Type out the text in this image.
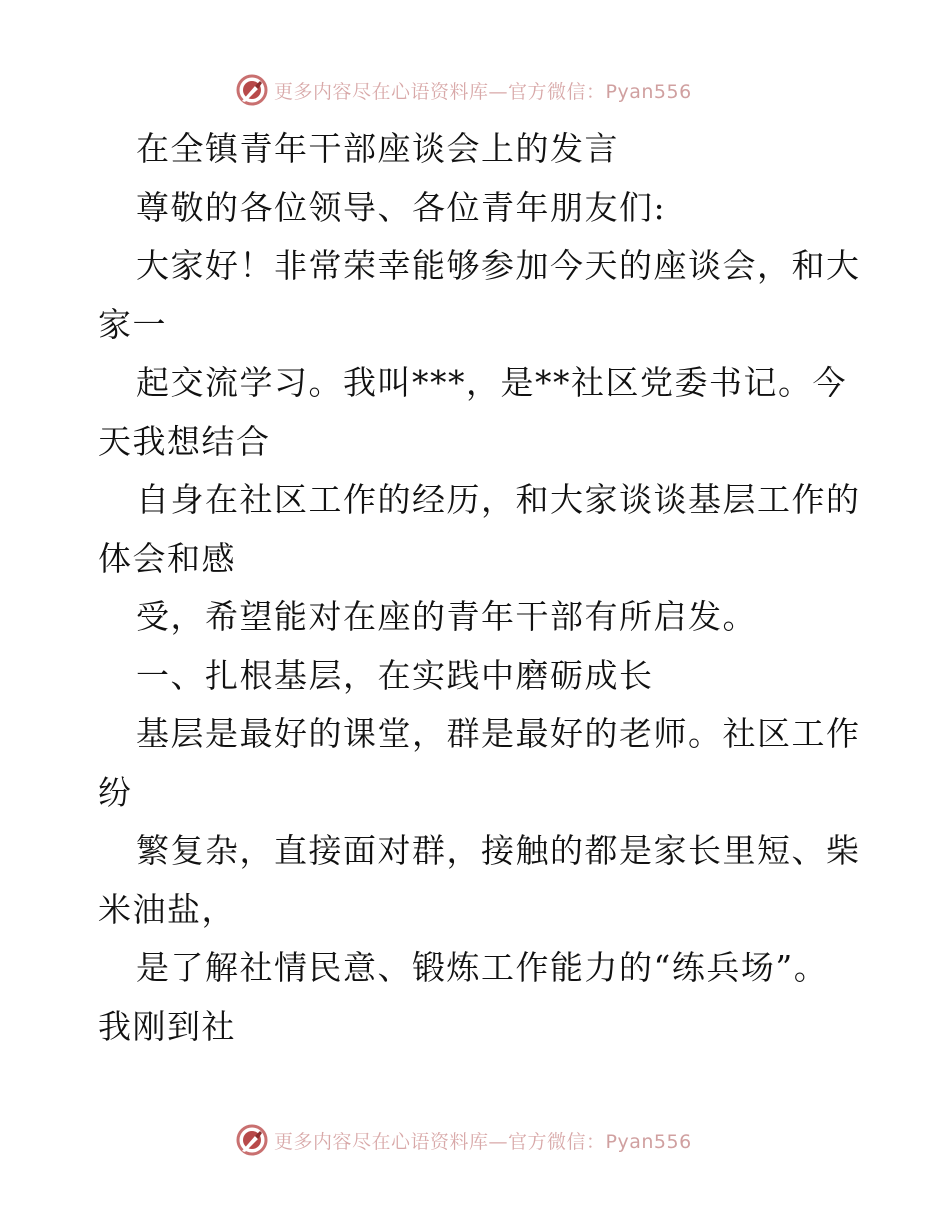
更多内容尽在心语资料库—官方微信：Pyan556
在全镇青年干部座谈会上的发言
尊敬的各位领导、各位青年朋友们:
大家好！非常荣幸能够参加今天的座谈会，和大
家一
起交流学习。我叫***，是**社区党委书记。今
天我想结合
自身在社区工作的经历，和大家谈谈基层工作的
体会和感
受，希望能对在座的青年干部有所启发。
一、扎根基层，在实践中磨砺成长
基层是最好的课堂，群是最好的老师。社区工作
纷
繁复杂，直接面对群，接触的都是家长里短、柴
米油盐，
是了解社情民意、锻炼工作能力的“练兵场”。
我刚到社
更多内容尽在心语资料库—官方微信：Pyan556
